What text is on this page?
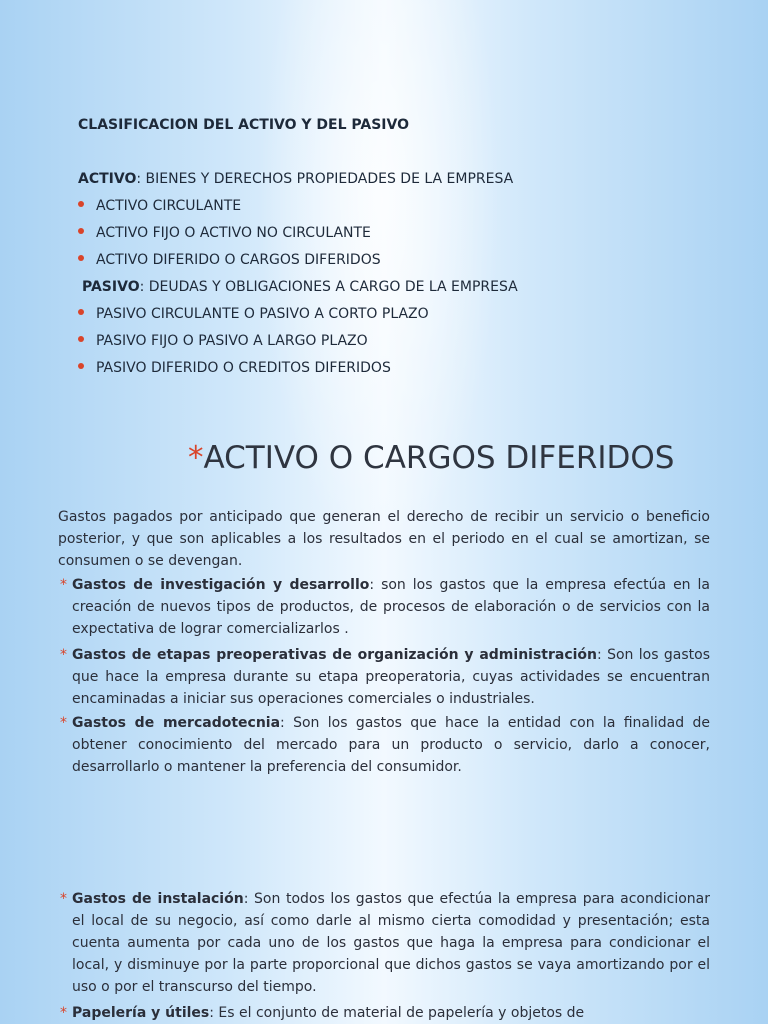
CLASIFICACION DEL ACTIVO Y DEL PASIVO
ACTIVO: BIENES Y DERECHOS PROPIEDADES DE LA EMPRESA
ACTIVO CIRCULANTE
ACTIVO FIJO O ACTIVO NO CIRCULANTE
ACTIVO DIFERIDO O CARGOS DIFERIDOS
PASIVO: DEUDAS Y OBLIGACIONES A CARGO DE LA EMPRESA
PASIVO CIRCULANTE O PASIVO A CORTO PLAZO
PASIVO FIJO O PASIVO A LARGO PLAZO
PASIVO DIFERIDO O CREDITOS DIFERIDOS
*ACTIVO O CARGOS DIFERIDOS
Gastos pagados por anticipado que generan el derecho de recibir un servicio o beneficio posterior, y que son aplicables a los resultados en el periodo en el cual se amortizan, se consumen o se devengan.
* Gastos de investigación y desarrollo: son los gastos que la empresa efectúa en la creación de nuevos tipos de productos, de procesos de elaboración o de servicios con la expectativa de lograr comercializarlos .
* Gastos de etapas preoperativas de organización y administración: Son los gastos que hace la empresa durante su etapa preoperatoria, cuyas actividades se encuentran encaminadas a iniciar sus operaciones comerciales o industriales.
* Gastos de mercadotecnia: Son los gastos que hace la entidad con la finalidad de obtener conocimiento del mercado para un producto o servicio, darlo a conocer, desarrollarlo o mantener la preferencia del consumidor.
* Gastos de instalación: Son todos los gastos que efectúa la empresa para acondicionar el local de su negocio, así como darle al mismo cierta comodidad y presentación; esta cuenta aumenta por cada uno de los gastos que haga la empresa para condicionar el local, y disminuye por la parte proporcional que dichos gastos se vaya amortizando por el uso o por el transcurso del tiempo.
* Papelería y útiles: Es el conjunto de material de papelería y objetos de
